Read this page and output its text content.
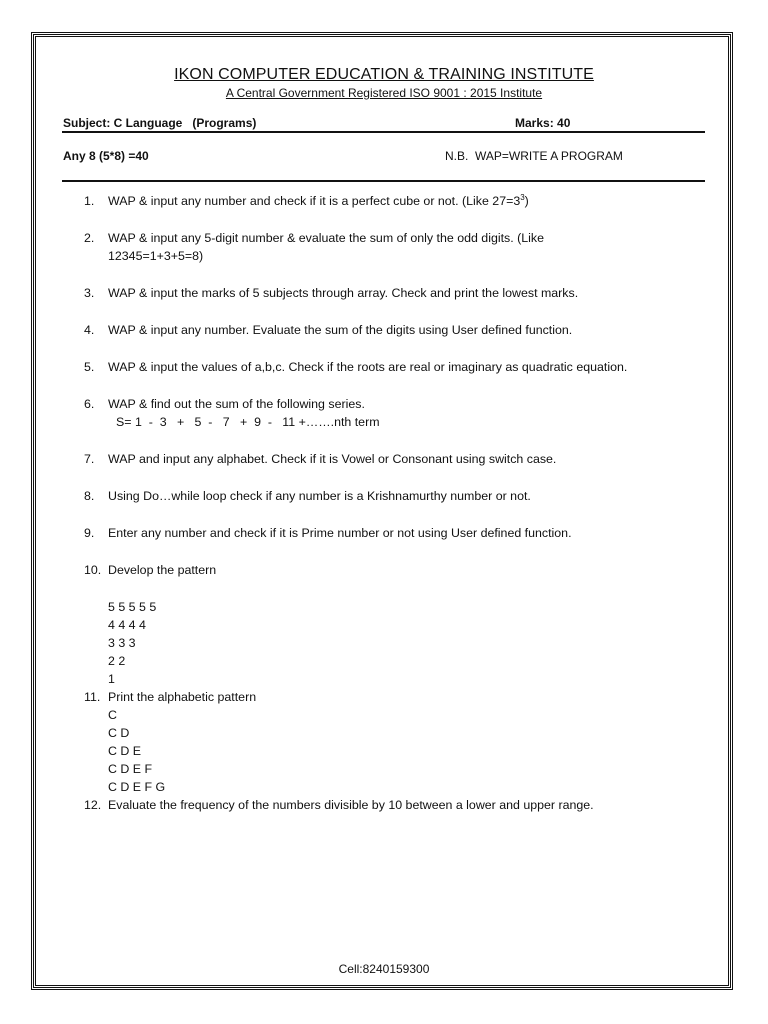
IKON COMPUTER EDUCATION & TRAINING INSTITUTE
A Central Government Registered ISO 9001 : 2015 Institute
Subject: C Language   (Programs)	Marks: 40
Any 8 (5*8) =40	N.B.  WAP=WRITE A PROGRAM
1. WAP & input any number and check if it is a perfect cube or not. (Like $27=3^3$)
2. WAP & input any 5-digit number & evaluate the sum of only the odd digits. (Like
12345=1+3+5=8)
3. WAP & input the marks of 5 subjects through array. Check and print the lowest marks.
4. WAP & input any number. Evaluate the sum of the digits using User defined function.
5. WAP & input the values of a,b,c. Check if the roots are real or imaginary as quadratic equation.
6. WAP & find out the sum of the following series.
S= 1  -  3   +   5  -   7   +  9  -   11 +…….nth term
7. WAP and input any alphabet. Check if it is Vowel or Consonant using switch case.
8. Using Do…while loop check if any number is a Krishnamurthy number or not.
9. Enter any number and check if it is Prime number or not using User defined function.
10. Develop the pattern
5 5 5 5 5
4 4 4 4
3 3 3
2 2
1
11. Print the alphabetic pattern
C
C D
C D E
C D E F
C D E F G
12. Evaluate the frequency of the numbers divisible by 10 between a lower and upper range.
Cell:8240159300
